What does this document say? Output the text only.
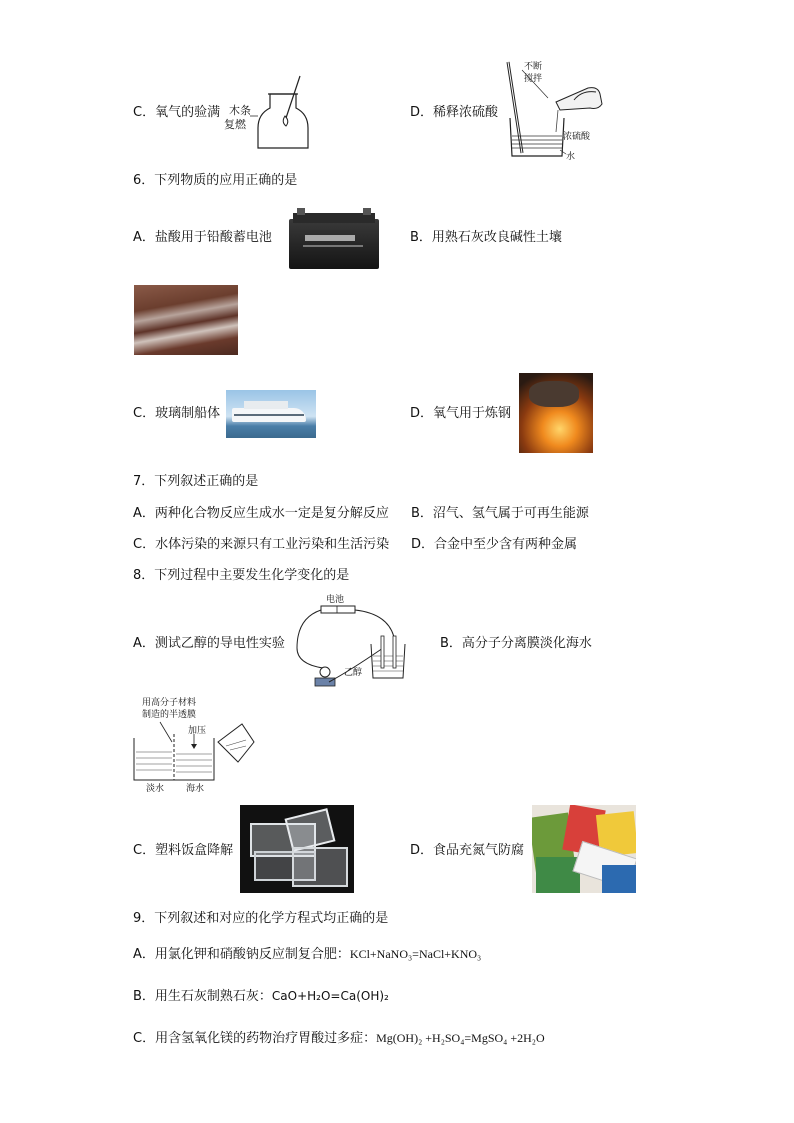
C．氧气的验满 木条
复燃
D．稀释浓硫酸
不断
搅拌
浓硫酸
水
6．下列物质的应用正确的是
A．盐酸用于铅酸蓄电池	B．用熟石灰改良碱性土壤
C．玻璃制船体	D．氧气用于炼钢
7．下列叙述正确的是
A．两种化合物反应生成水一定是复分解反应 B．沼气、氢气属于可再生能源
C．水体污染的来源只有工业污染和生活污染 D．合金中至少含有两种金属
8．下列过程中主要发生化学变化的是
A．测试乙醇的导电性实验
电池
乙醇
B．高分子分离膜淡化海水
用高分子材料
制造的半透膜
加压
淡水 海水
C．塑料饭盒降解	D．食品充氮气防腐
9．下列叙述和对应的化学方程式均正确的是
A．用氯化钾和硝酸钠反应制复合肥：KCl+NaNO₃=NaCl+KNO₃
B．用生石灰制熟石灰：CaO+H₂O=Ca(OH)₂
C．用含氢氧化镁的药物治疗胃酸过多症：Mg(OH)₂ +H₂SO₄=MgSO₄ +2H₂O
